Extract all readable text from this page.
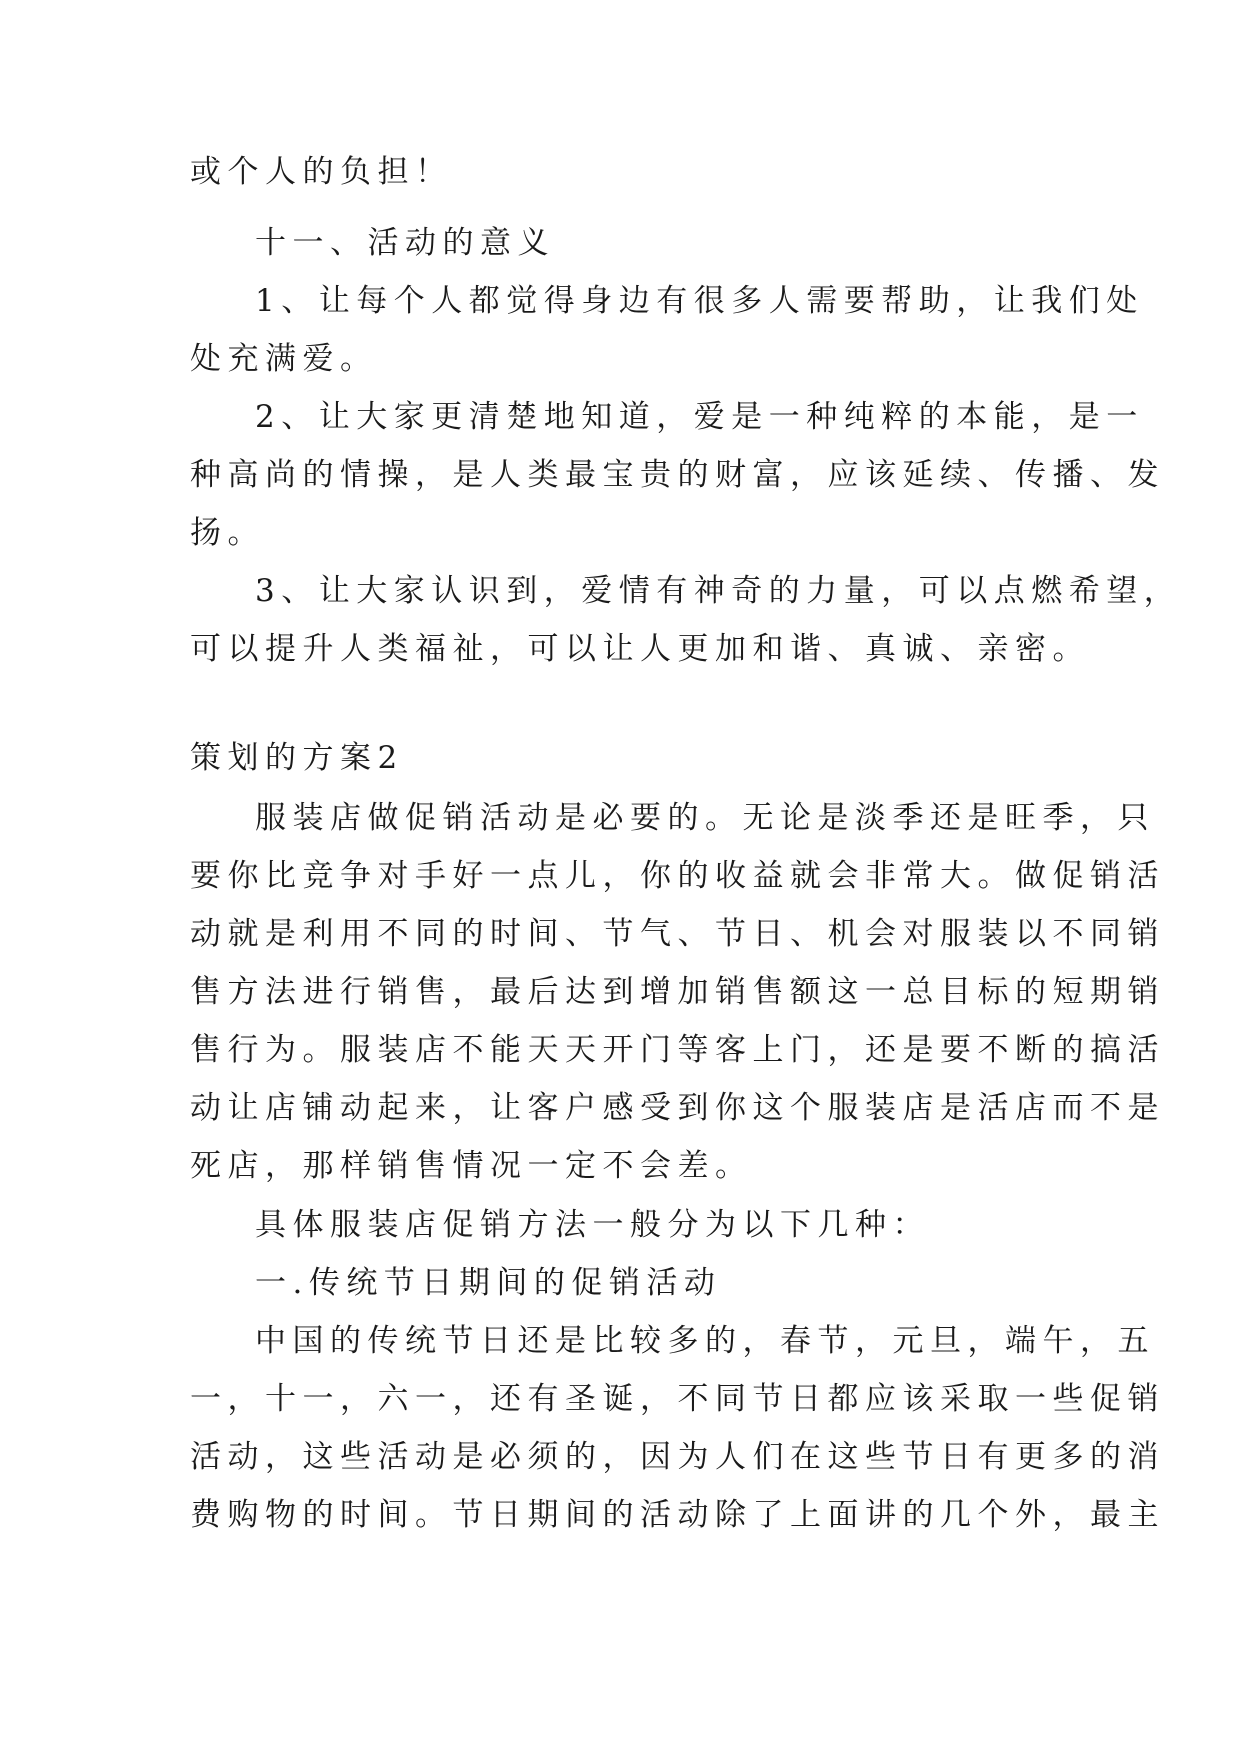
或个人的负担！
十一、活动的意义
1、让每个人都觉得身边有很多人需要帮助，让我们处
处充满爱。
2、让大家更清楚地知道，爱是一种纯粹的本能，是一
种高尚的情操，是人类最宝贵的财富，应该延续、传播、发
扬。
3、让大家认识到，爱情有神奇的力量，可以点燃希望，
可以提升人类福祉，可以让人更加和谐、真诚、亲密。
策划的方案2
服装店做促销活动是必要的。无论是淡季还是旺季，只
要你比竞争对手好一点儿，你的收益就会非常大。做促销活
动就是利用不同的时间、节气、节日、机会对服装以不同销
售方法进行销售，最后达到增加销售额这一总目标的短期销
售行为。服装店不能天天开门等客上门，还是要不断的搞活
动让店铺动起来，让客户感受到你这个服装店是活店而不是
死店，那样销售情况一定不会差。
具体服装店促销方法一般分为以下几种：
一.传统节日期间的促销活动
中国的传统节日还是比较多的，春节，元旦，端午，五
一，十一，六一，还有圣诞，不同节日都应该采取一些促销
活动，这些活动是必须的，因为人们在这些节日有更多的消
费购物的时间。节日期间的活动除了上面讲的几个外，最主
